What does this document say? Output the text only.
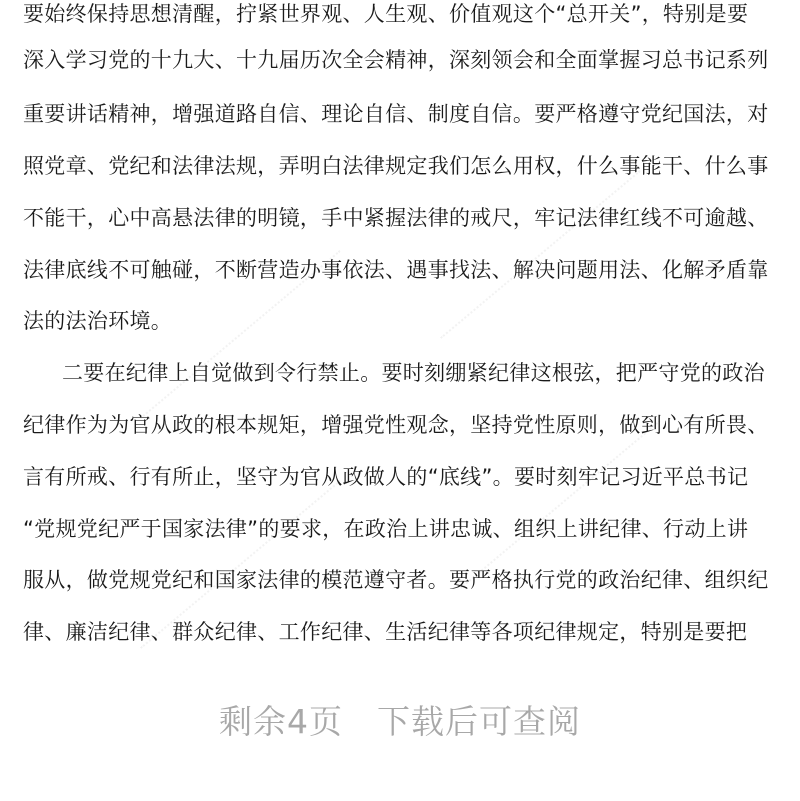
要始终保持思想清醒，拧紧世界观、人生观、价值观这个“总开关”，特别是要
深入学习党的十九大、十九届历次全会精神，深刻领会和全面掌握习总书记系列
重要讲话精神，增强道路自信、理论自信、制度自信。要严格遵守党纪国法，对
照党章、党纪和法律法规，弄明白法律规定我们怎么用权，什么事能干、什么事
不能干，心中高悬法律的明镜，手中紧握法律的戒尺，牢记法律红线不可逾越、
法律底线不可触碰，不断营造办事依法、遇事找法、解决问题用法、化解矛盾靠
法的法治环境。
二要在纪律上自觉做到令行禁止。要时刻绷紧纪律这根弦，把严守党的政治
纪律作为为官从政的根本规矩，增强党性观念，坚持党性原则，做到心有所畏、
言有所戒、行有所止，坚守为官从政做人的“底线”。要时刻牢记习近平总书记
“党规党纪严于国家法律”的要求，在政治上讲忠诚、组织上讲纪律、行动上讲
服从，做党规党纪和国家法律的模范遵守者。要严格执行党的政治纪律、组织纪
律、廉洁纪律、群众纪律、工作纪律、生活纪律等各项纪律规定，特别是要把
剩余4页 下载后可查阅
